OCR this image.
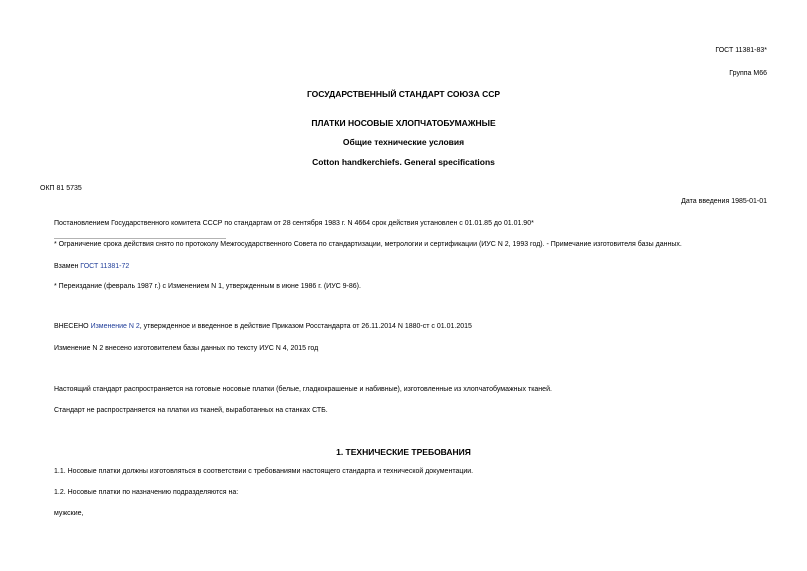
ГОСТ 11381-83*
Группа М66
ГОСУДАРСТВЕННЫЙ СТАНДАРТ СОЮЗА ССР
ПЛАТКИ НОСОВЫЕ ХЛОПЧАТОБУМАЖНЫЕ
Общие технические условия
Cotton handkerchiefs. General specifications
ОКП 81 5735
Дата введения 1985-01-01
Постановлением Государственного комитета СССР по стандартам от 28 сентября 1983 г. N 4664 срок действия установлен с 01.01.85 до 01.01.90*
* Ограничение срока действия снято по протоколу Межгосударственного Совета по стандартизации, метрологии и сертификации (ИУС N 2, 1993 год). - Примечание изготовителя базы данных.
Взамен ГОСТ 11381-72
* Переиздание (февраль 1987 г.) с Изменением N 1, утвержденным в июне 1986 г. (ИУС 9-86).
ВНЕСЕНО Изменение N 2, утвержденное и введенное в действие Приказом Росстандарта от 26.11.2014 N 1880-ст с 01.01.2015
Изменение N 2 внесено изготовителем базы данных по тексту ИУС N 4, 2015 год
Настоящий стандарт распространяется на готовые носовые платки (белые, гладкокрашеные и набивные), изготовленные из хлопчатобумажных тканей.
Стандарт не распространяется на платки из тканей, выработанных на станках СТБ.
1. ТЕХНИЧЕСКИЕ ТРЕБОВАНИЯ
1.1. Носовые платки должны изготовляться в соответствии с требованиями настоящего стандарта и технической документации.
1.2. Носовые платки по назначению подразделяются на:
мужские,
